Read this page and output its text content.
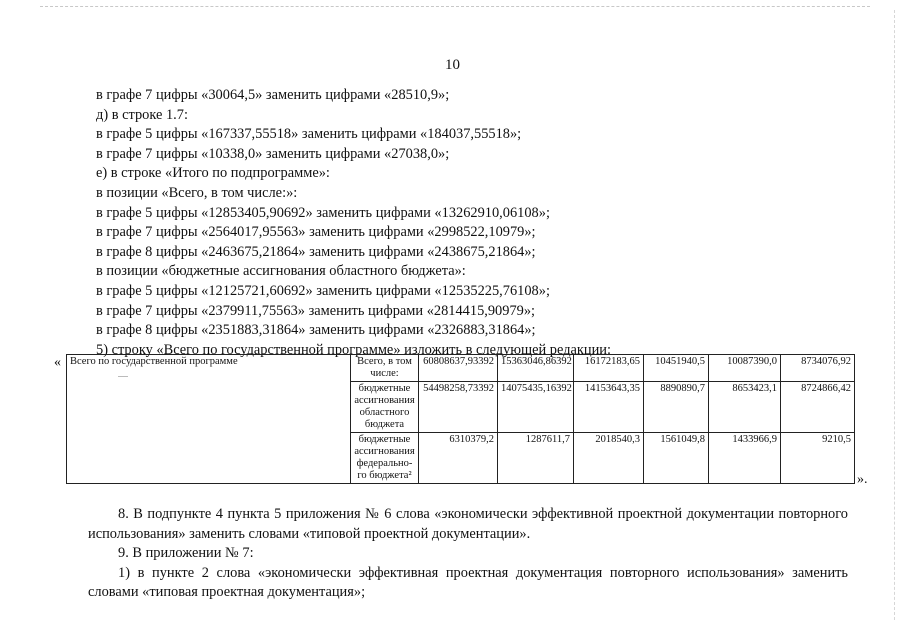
10
в графе 7 цифры «30064,5» заменить цифрами «28510,9»;
д) в строке 1.7:
в графе 5 цифры «167337,55518» заменить цифрами «184037,55518»;
в графе 7 цифры «10338,0» заменить цифрами «27038,0»;
е) в строке «Итого по подпрограмме»:
в позиции «Всего, в том числе:»:
в графе 5 цифры «12853405,90692» заменить цифрами «13262910,06108»;
в графе 7 цифры «2564017,95563» заменить цифрами «2998522,10979»;
в графе 8 цифры «2463675,21864» заменить цифрами «2438675,21864»;
в позиции «бюджетные ассигнования областного бюджета»:
в графе 5 цифры «12125721,60692» заменить цифрами «12535225,76108»;
в графе 7 цифры «2379911,75563» заменить цифрами «2814415,90979»;
в графе 8 цифры «2351883,31864» заменить цифрами «2326883,31864»;
5) строку «Всего по государственной программе» изложить в следующей редакции:
« Всего по государственной программе	Всего, в том числе:	60808637,93392	15363046,86392	16172183,65	10451940,5	10087390,0	8734076,92
	бюджетные ассигнования областного бюджета	54498258,73392	14075435,16392	14153643,35	8890890,7	8653423,1	8724866,42
	бюджетные ассигнования федерально-го бюджета²	6310379,2	1287611,7	2018540,3	1561049,8	1433966,9	9210,5
».
8. В подпункте 4 пункта 5 приложения № 6 слова «экономически эффективной проектной документации повторного использования» заменить словами «типовой проектной документации».
9. В приложении № 7:
1) в пункте 2 слова «экономически эффективная проектная документация повторного использования» заменить словами «типовая проектная документация»;
